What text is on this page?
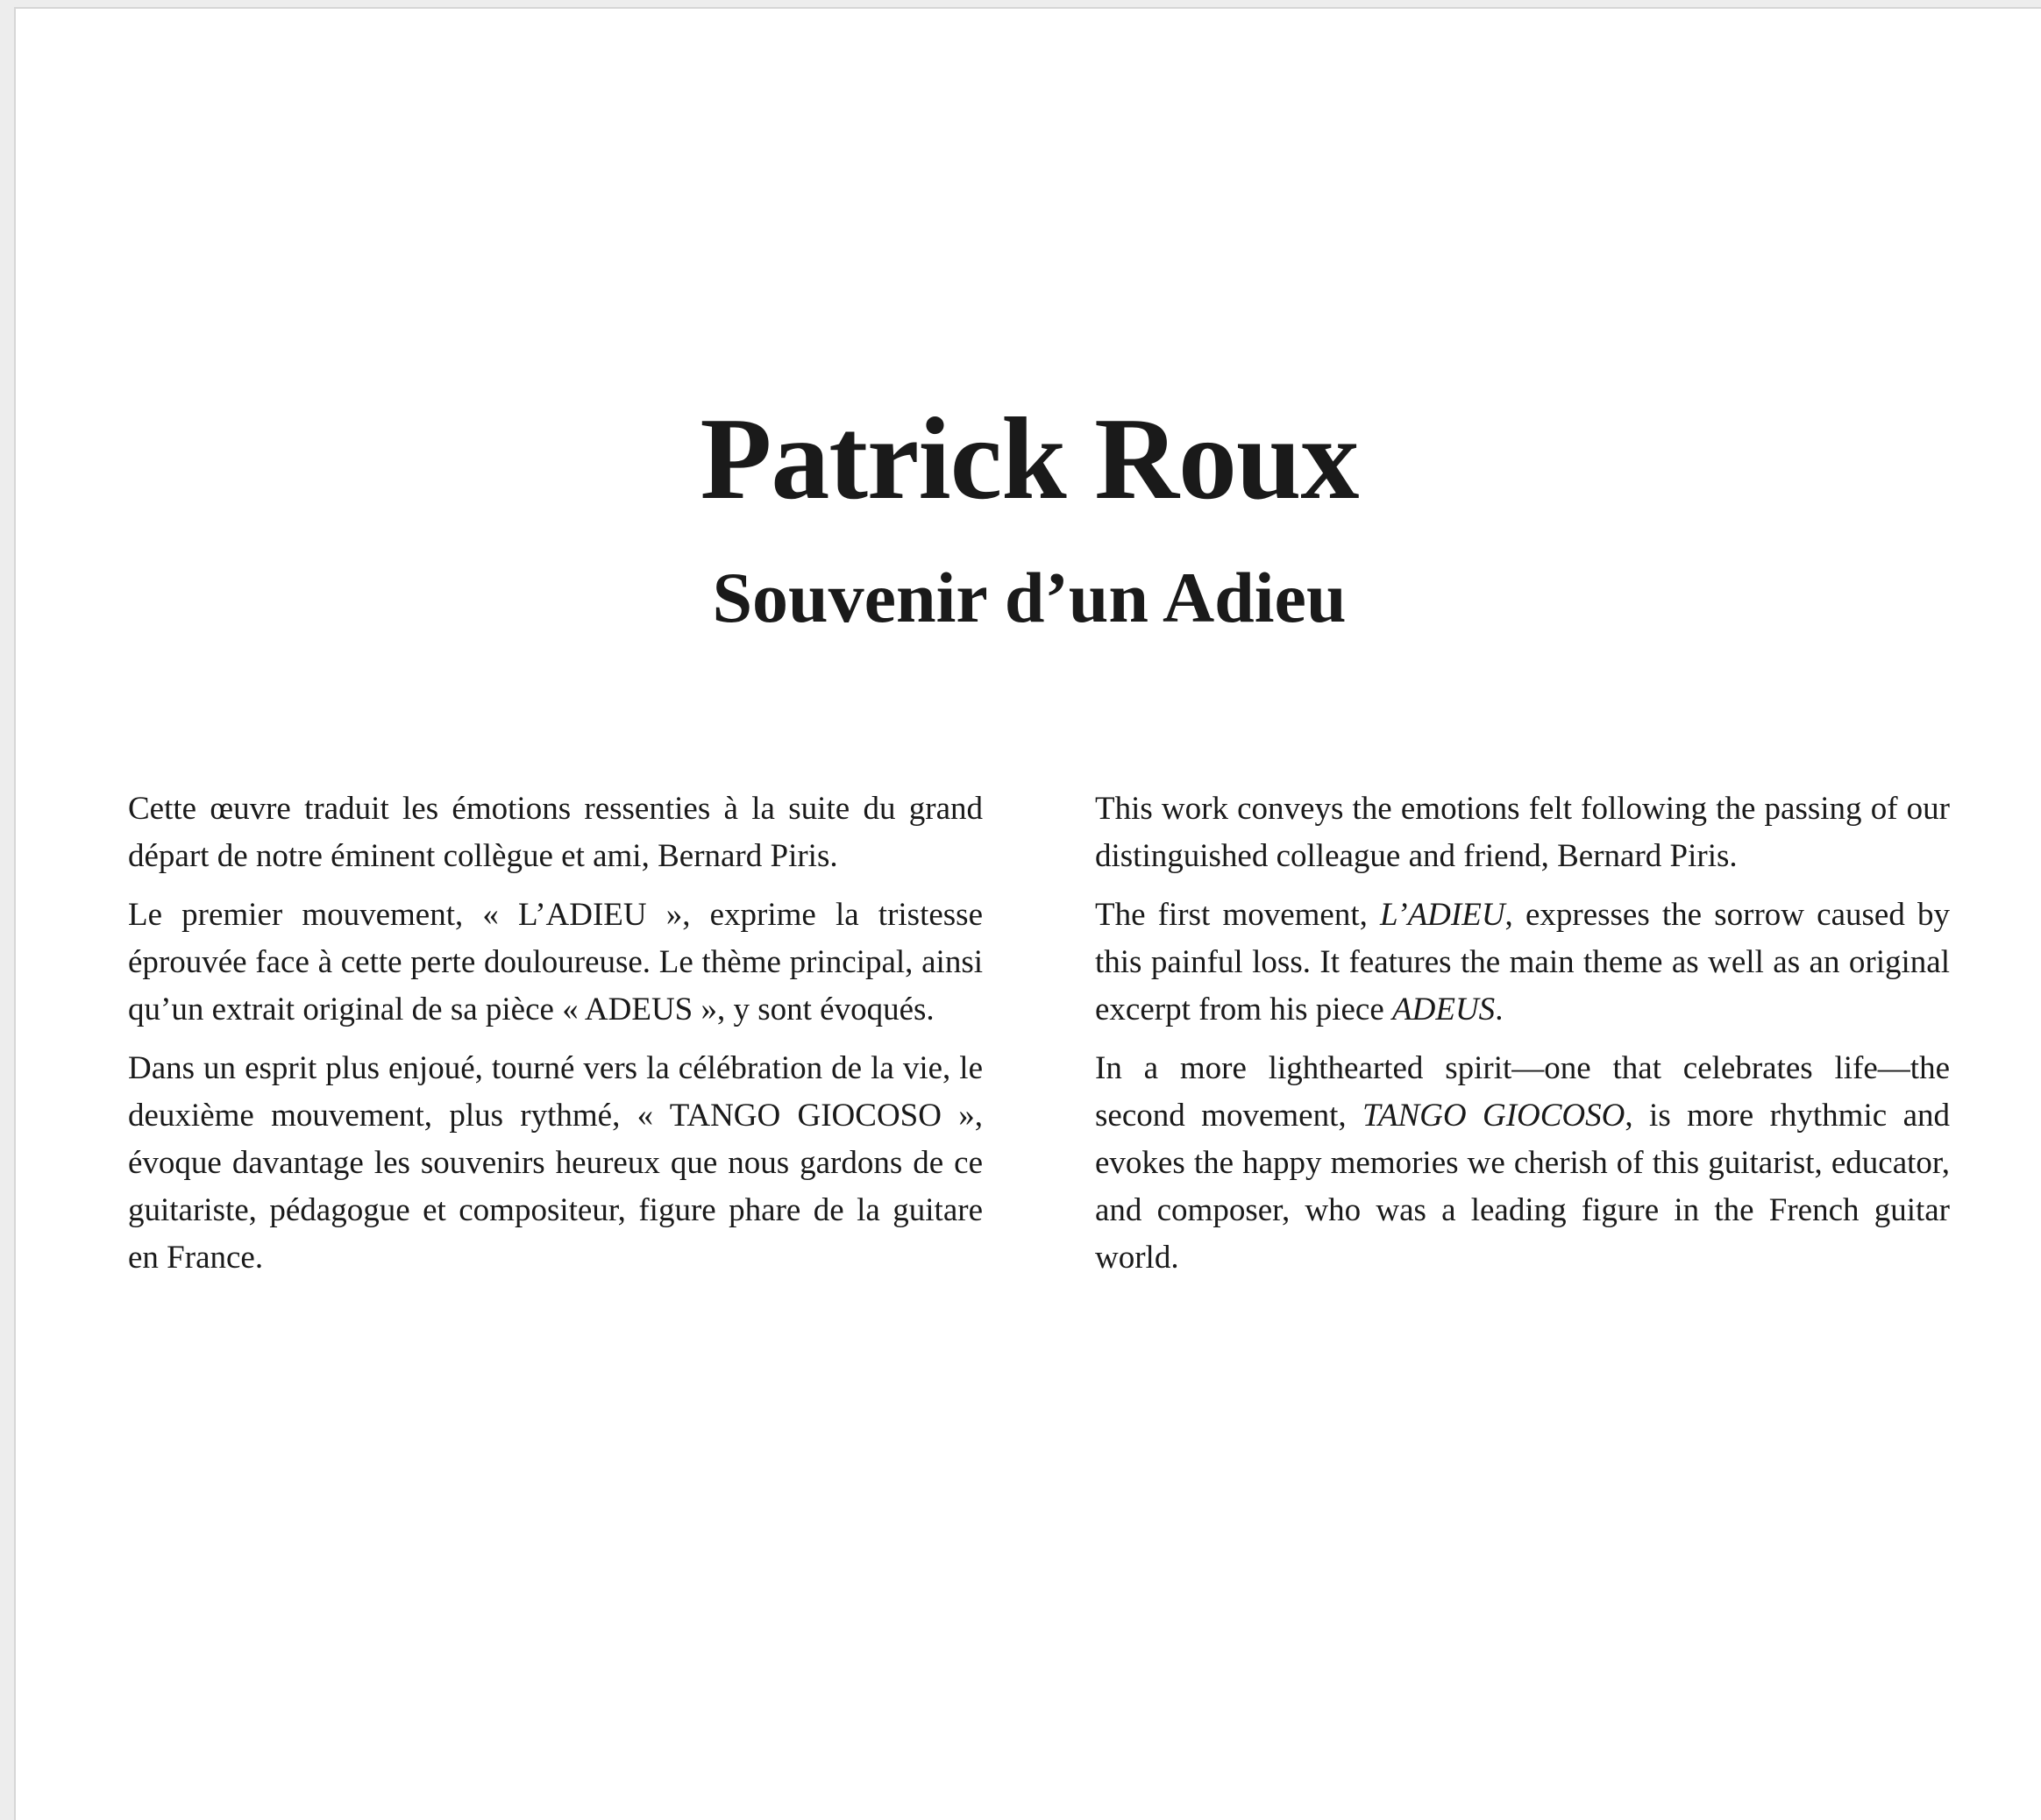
Patrick Roux
Souvenir d’un Adieu

Cette œuvre traduit les émotions ressenties à la suite du grand départ de notre éminent collègue et ami, Bernard Piris.

Le premier mouvement, « L’ADIEU », exprime la tristesse éprouvée face à cette perte douloureuse. Le thème principal, ainsi qu’un extrait original de sa pièce « ADEUS », y sont évoqués.

Dans un esprit plus enjoué, tourné vers la célébration de la vie, le deuxième mouvement, plus rythmé, « TANGO GIOCOSO », évoque davantage les souvenirs heureux que nous gardons de ce guitariste, pédagogue et compositeur, figure phare de la guitare en France.

This work conveys the emotions felt following the passing of our distinguished colleague and friend, Bernard Piris.

The first movement, L’ADIEU, expresses the sorrow caused by this painful loss. It features the main theme as well as an original excerpt from his piece ADEUS.

In a more lighthearted spirit—one that celebrates life—the second movement, TANGO GIOCOSO, is more rhythmic and evokes the happy memories we cherish of this guitarist, educator, and composer, who was a leading figure in the French guitar world.
